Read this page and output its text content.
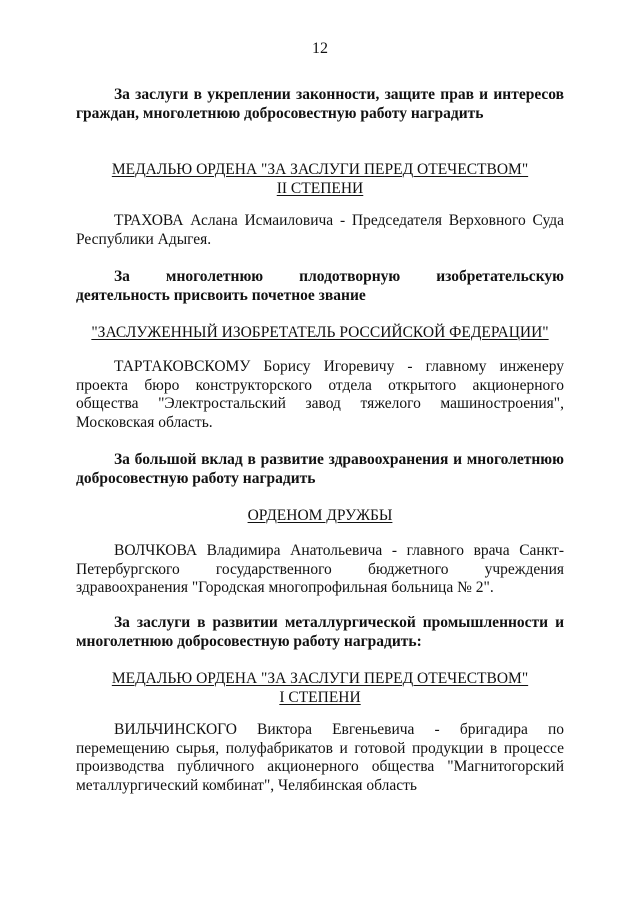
12
За заслуги в укреплении законности, защите прав и интересов граждан, многолетнюю добросовестную работу наградить
МЕДАЛЬЮ ОРДЕНА "ЗА ЗАСЛУГИ ПЕРЕД ОТЕЧЕСТВОМ"
II СТЕПЕНИ
ТРАХОВА Аслана Исмаиловича - Председателя Верховного Суда Республики Адыгея.
За многолетнюю плодотворную изобретательскую деятельность присвоить почетное звание
"ЗАСЛУЖЕННЫЙ ИЗОБРЕТАТЕЛЬ РОССИЙСКОЙ ФЕДЕРАЦИИ"
ТАРТАКОВСКОМУ Борису Игоревичу - главному инженеру проекта бюро конструкторского отдела открытого акционерного общества "Электростальский завод тяжелого машиностроения", Московская область.
За большой вклад в развитие здравоохранения и многолетнюю добросовестную работу наградить
ОРДЕНОМ ДРУЖБЫ
ВОЛЧКОВА Владимира Анатольевича - главного врача Санкт-Петербургского государственного бюджетного учреждения здравоохранения "Городская многопрофильная больница № 2".
За заслуги в развитии металлургической промышленности и многолетнюю добросовестную работу наградить:
МЕДАЛЬЮ ОРДЕНА "ЗА ЗАСЛУГИ ПЕРЕД ОТЕЧЕСТВОМ"
I СТЕПЕНИ
ВИЛЬЧИНСКОГО Виктора Евгеньевича - бригадира по перемещению сырья, полуфабрикатов и готовой продукции в процессе производства публичного акционерного общества "Магнитогорский металлургический комбинат", Челябинская область
